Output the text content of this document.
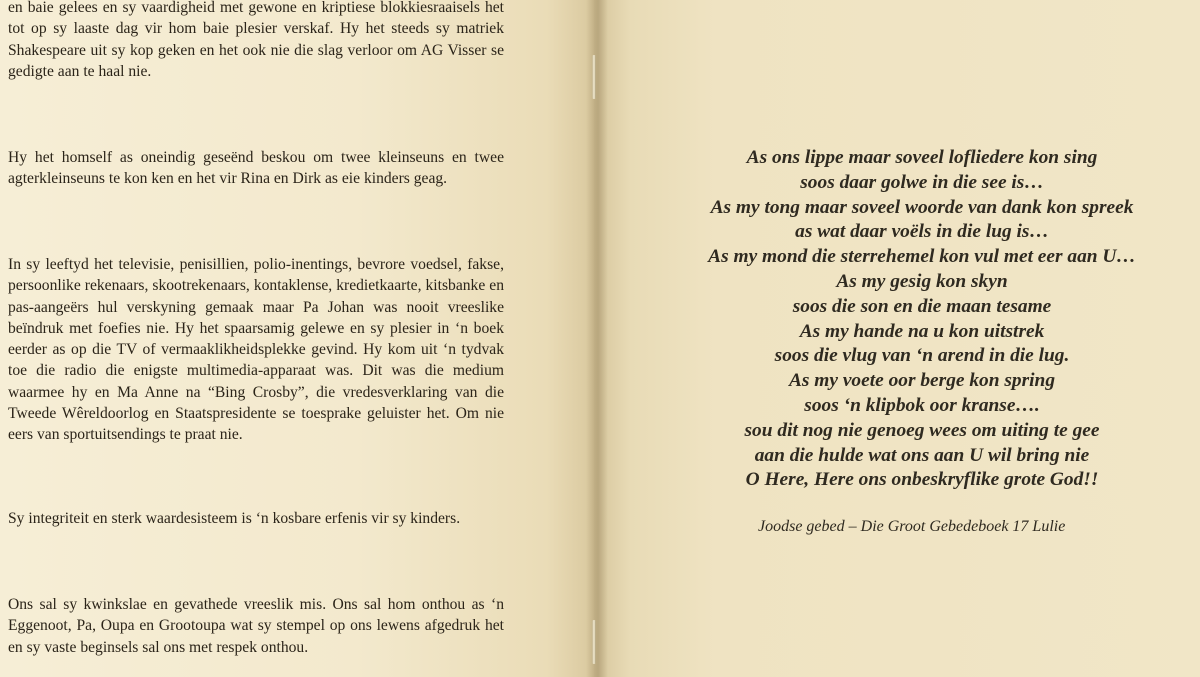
en baie gelees en sy vaardigheid met gewone en kriptiese blokkiesraaisels het tot op sy laaste dag vir hom baie plesier verskaf. Hy het steeds sy matriek Shakespeare uit sy kop geken en het ook nie die slag verloor om AG Visser se gedigte aan te haal nie.

Hy het homself as oneindig geseënd beskou om twee kleinseuns en twee agterkleinseuns te kon ken en het vir Rina en Dirk as eie kinders geag.

In sy leeftyd het televisie, penisillien, polio-inentings, bevrore voedsel, fakse, persoonlike rekenaars, skootrekenaars, kontaklense, kredietkaarte, kitsbanke en pas-aangeërs hul verskyning gemaak maar Pa Johan was nooit vreeslike beïndruk met foefies nie. Hy het spaarsamig gelewe en sy plesier in ‘n boek eerder as op die TV of vermaaklikheidsplekke gevind. Hy kom uit ‘n tydvak toe die radio die enigste multimedia-apparaat was. Dit was die medium waarmee hy en Ma Anne na “Bing Crosby”, die vredesverklaring van die Tweede Wêreldoorlog en Staatspresidente se toesprake geluister het. Om nie eers van sportuitsendings te praat nie.

Sy integriteit en sterk waardesisteem is ‘n kosbare erfenis vir sy kinders.

Ons sal sy kwinkslae en gevathede vreeslik mis. Ons sal hom onthou as ‘n Eggenoot, Pa, Oupa en Grootoupa wat sy stempel op ons lewens afgedruk het en sy vaste beginsels sal ons met respek onthou.

As ons lippe maar soveel lofliedere kon sing
soos daar golwe in die see is…
As my tong maar soveel woorde van dank kon spreek
as wat daar voëls in die lug is…
As my mond die sterrehemel kon vul met eer aan U…
As my gesig kon skyn
soos die son en die maan tesame
As my hande na u kon uitstrek
soos die vlug van ‘n arend in die lug.
As my voete oor berge kon spring
soos ‘n klipbok oor kranse….
sou dit nog nie genoeg wees om uiting te gee
aan die hulde wat ons aan U wil bring nie
O Here, Here ons onbeskryflike grote God!!
Joodse gebed – Die Groot Gebedeboek 17 Lulie
